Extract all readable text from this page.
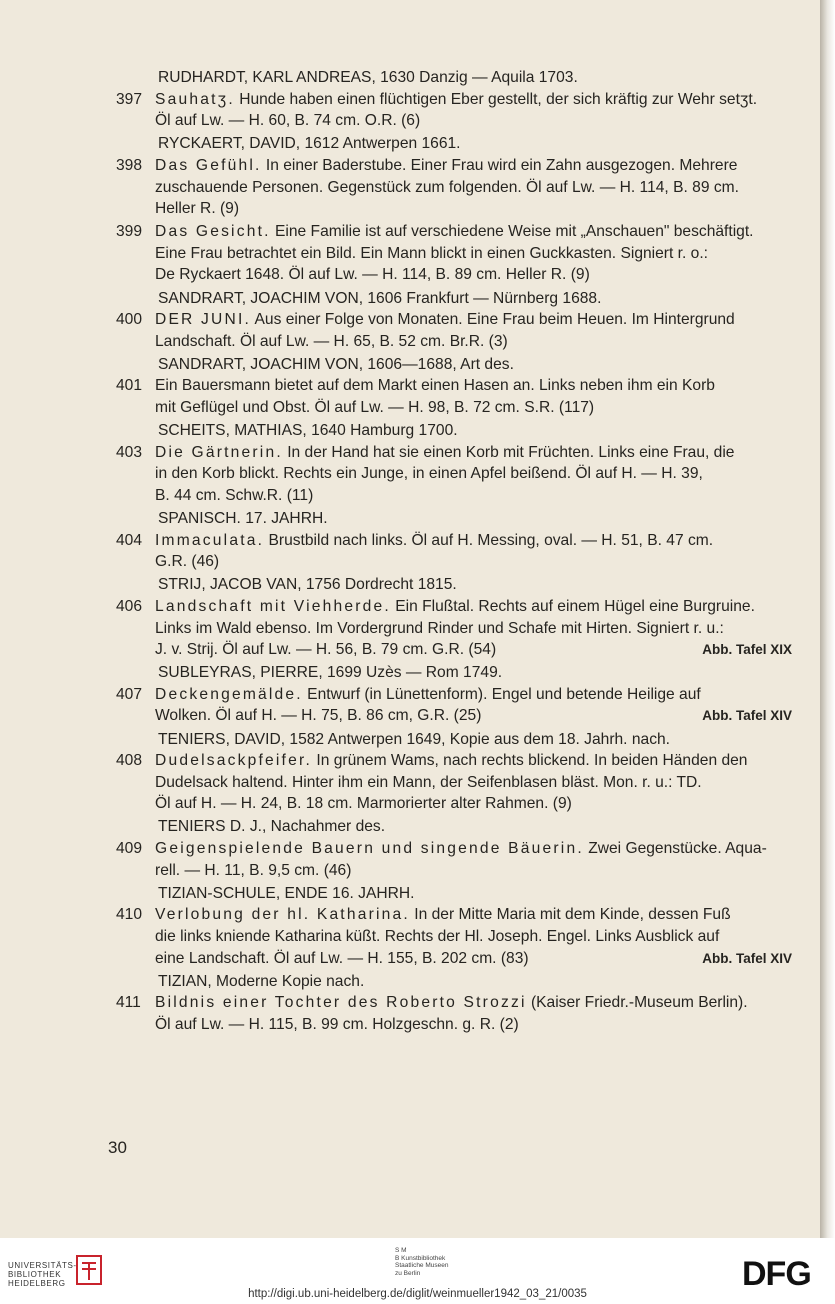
RUDHARDT, KARL ANDREAS, 1630 Danzig — Aquila 1703.
397 Sauhatʒ. Hunde haben einen flüchtigen Eber gestellt, der sich kräftig zur Wehr setʒt.
Öl auf Lw. — H. 60, B. 74 cm. O.R. (6)
RYCKAERT, DAVID, 1612 Antwerpen 1661.
398 Das Gefühl. In einer Baderstube. Einer Frau wird ein Zahn ausgezogen. Mehrere
zuschauende Personen. Gegenstück zum folgenden. Öl auf Lw. — H. 114, B. 89 cm.
Heller R. (9)
399 Das Gesicht. Eine Familie ist auf verschiedene Weise mit „Anschauen" beschäftigt.
Eine Frau betrachtet ein Bild. Ein Mann blickt in einen Guckkasten. Signiert r. o.:
De Ryckaert 1648. Öl auf Lw. — H. 114, B. 89 cm. Heller R. (9)
SANDRART, JOACHIM VON, 1606 Frankfurt — Nürnberg 1688.
400 DER JUNI. Aus einer Folge von Monaten. Eine Frau beim Heuen. Im Hintergrund
Landschaft. Öl auf Lw. — H. 65, B. 52 cm. Br.R. (3)
SANDRART, JOACHIM VON, 1606—1688, Art des.
401 Ein Bauersmann bietet auf dem Markt einen Hasen an. Links neben ihm ein Korb
mit Geflügel und Obst. Öl auf Lw. — H. 98, B. 72 cm. S.R. (117)
SCHEITS, MATHIAS, 1640 Hamburg 1700.
403 Die Gärtnerin. In der Hand hat sie einen Korb mit Früchten. Links eine Frau, die
in den Korb blickt. Rechts ein Junge, in einen Apfel beißend. Öl auf H. — H. 39,
B. 44 cm. Schw.R. (11)
SPANISCH. 17. JAHRH.
404 Immaculata. Brustbild nach links. Öl auf H. Messing, oval. — H. 51, B. 47 cm.
G.R. (46)
STRIJ, JACOB VAN, 1756 Dordrecht 1815.
406 Landschaft mit Viehherde. Ein Flußtal. Rechts auf einem Hügel eine Burgruine.
Links im Wald ebenso. Im Vordergrund Rinder und Schafe mit Hirten. Signiert r. u.:
J. v. Strij. Öl auf Lw. — H. 56, B. 79 cm. G.R. (54)	Abb. Tafel XIX
SUBLEYRAS, PIERRE, 1699 Uzès — Rom 1749.
407 Deckengemälde. Entwurf (in Lünettenform). Engel und betende Heilige auf
Wolken. Öl auf H. — H. 75, B. 86 cm, G.R. (25)	Abb. Tafel XIV
TENIERS, DAVID, 1582 Antwerpen 1649, Kopie aus dem 18. Jahrh. nach.
408 Dudelsackpfeifer. In grünem Wams, nach rechts blickend. In beiden Händen den
Dudelsack haltend. Hinter ihm ein Mann, der Seifenblasen bläst. Mon. r. u.: TD.
Öl auf H. — H. 24, B. 18 cm. Marmorierter alter Rahmen. (9)
TENIERS D. J., Nachahmer des.
409 Geigenspielende Bauern und singende Bäuerin. Zwei Gegenstücke. Aqua-
rell. — H. 11, B. 9,5 cm. (46)
TIZIAN-SCHULE, ENDE 16. JAHRH.
410 Verlobung der hl. Katharina. In der Mitte Maria mit dem Kinde, dessen Fuß
die links kniende Katharina küßt. Rechts der Hl. Joseph. Engel. Links Ausblick auf
eine Landschaft. Öl auf Lw. — H. 155, B. 202 cm. (83)	Abb. Tafel XIV
TIZIAN, Moderne Kopie nach.
411 Bildnis einer Tochter des Roberto Strozzi (Kaiser Friedr.-Museum Berlin).
Öl auf Lw. — H. 115, B. 99 cm. Holzgeschn. g. R. (2)
30
UNIVERSITÄTS-
BIBLIOTHEK
HEIDELBERG
S M
B Kunstbibliothek
Staatliche Museen
zu Berlin	DFG
http://digi.ub.uni-heidelberg.de/diglit/weinmueller1942_03_21/0035
